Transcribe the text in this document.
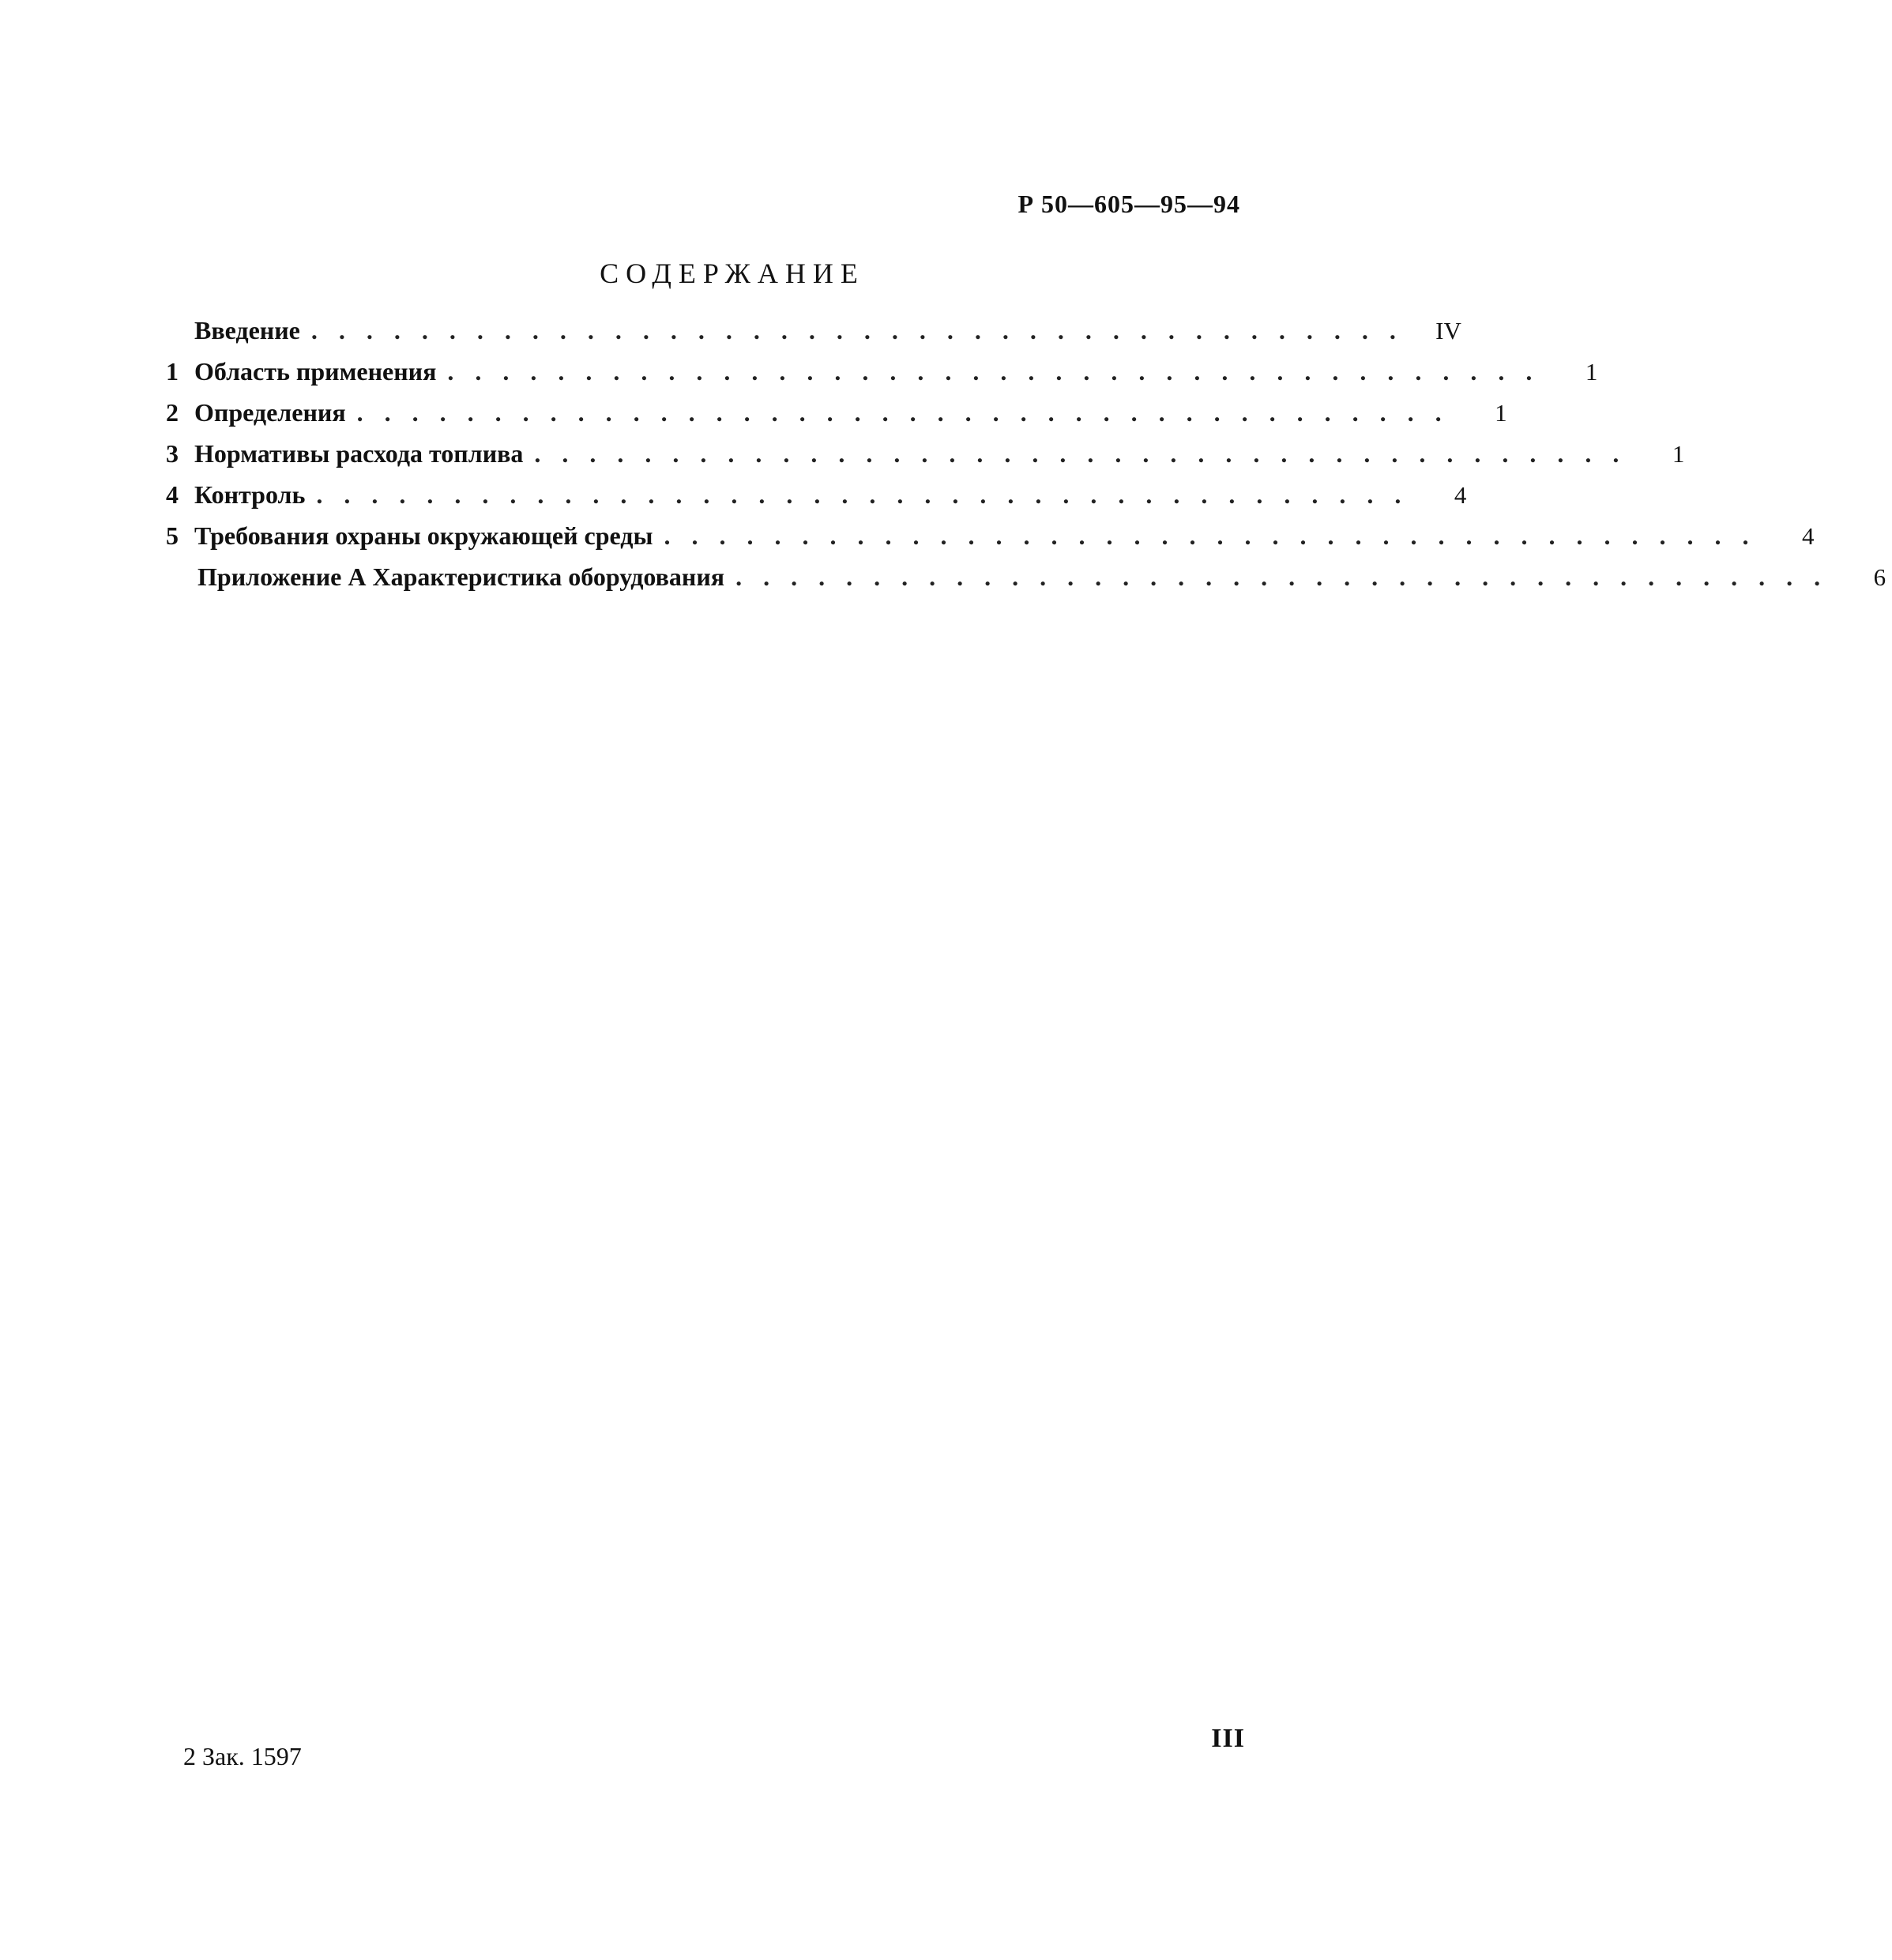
Р 50—605—95—94
СОДЕРЖАНИЕ
Введение ........................................ IV
1 Область применения ........................................	1
2 Определения ........................................	1
3 Нормативы расхода топлива ........................................	1
4 Контроль ........................................	4
5 Требования охраны окружающей среды ........................................	4
Приложение А Характеристика оборудования ........................................	6
2 Зак. 1597
III
